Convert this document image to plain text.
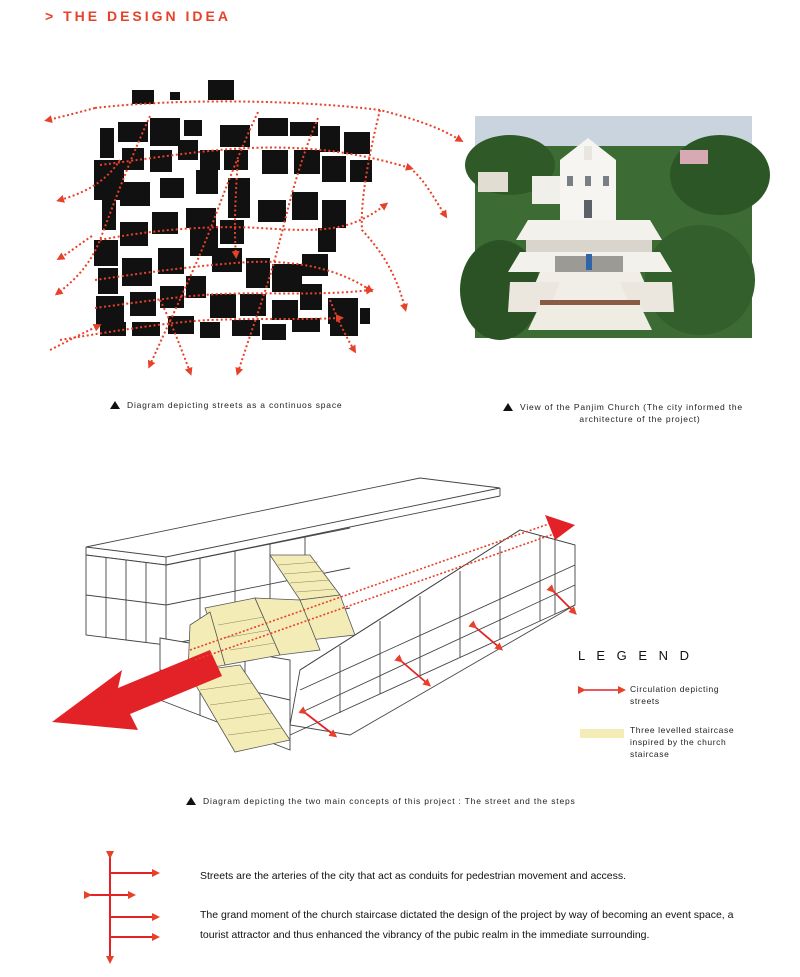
> THE DESIGN IDEA
Diagram depicting streets as a continuos space	View of the Panjim Church (The city informed the
architecture of the project)
L E G E N D
Circulation depicting
streets
Three levelled staircase
inspired by the church
staircase
Diagram depicting the two main concepts of this project : The street and the steps
Streets are the arteries of the city that act as conduits for pedestrian movement and access.
The grand moment of the church staircase dictated the design of the project by way of becoming an event space, a
tourist attractor and thus enhanced the vibrancy of the pubic realm in the immediate surrounding.
